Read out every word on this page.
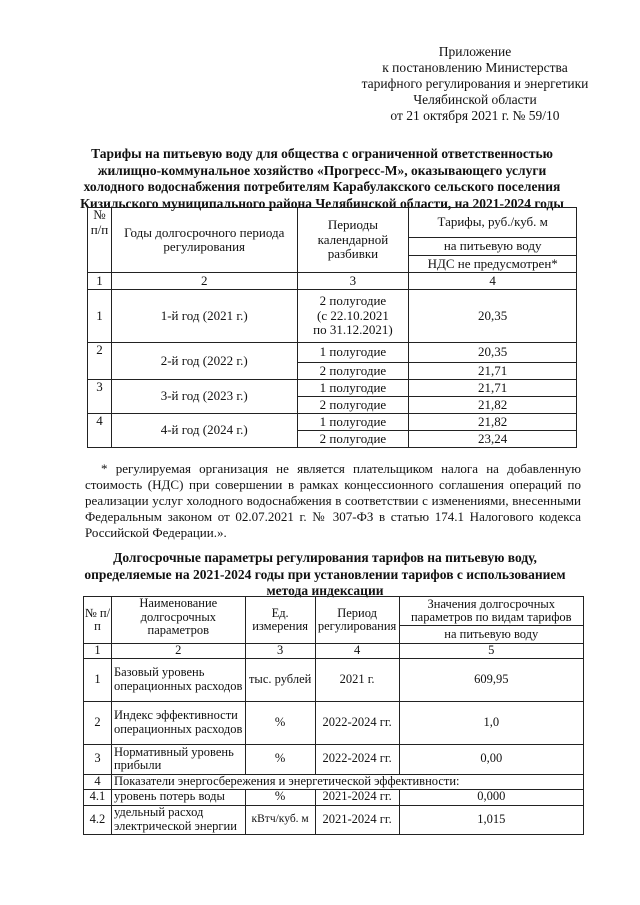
Приложение
к постановлению Министерства
тарифного регулирования и энергетики
Челябинской области
от 21 октября 2021 г. № 59/10
Тарифы на питьевую воду для общества с ограниченной ответственностью
жилищно-коммунальное хозяйство «Прогресс-М», оказывающего услуги
холодного водоснабжения потребителям Карабулакского сельского поселения
Кизильского муниципального района Челябинской области, на 2021-2024 годы
№ п/п	Годы долгосрочного периода регулирования	Периоды календарной разбивки	Тарифы, руб./куб. м
			на питьевую воду
			НДС не предусмотрен*
1	2	3	4
1	1-й год (2021 г.)	2 полугодие
(с 22.10.2021
по 31.12.2021)	20,35
2	2-й год (2022 г.)	1 полугодие	20,35
		2 полугодие	21,71
3	3-й год (2023 г.)	1 полугодие	21,71
		2 полугодие	21,82
4	4-й год (2024 г.)	1 полугодие	21,82
		2 полугодие	23,24
* регулируемая организация не является плательщиком налога на добавленную стоимость (НДС) при совершении в рамках концессионного соглашения операций по реализации услуг холодного водоснабжения в соответствии с изменениями, внесенными Федеральным законом от 02.07.2021 г. № 307-ФЗ в статью 174.1 Налогового кодекса Российской Федерации.».
Долгосрочные параметры регулирования тарифов на питьевую воду,
определяемые на 2021-2024 годы при установлении тарифов с использованием
метода индексации
№ п/п	Наименование долгосрочных параметров	Ед. измерения	Период регулирования	Значения долгосрочных параметров по видам тарифов
				на питьевую воду
1	2	3	4	5
1	Базовый уровень операционных расходов	тыс. рублей	2021 г.	609,95
2	Индекс эффективности операционных расходов	%	2022-2024 гг.	1,0
3	Нормативный уровень прибыли	%	2022-2024 гг.	0,00
4	Показатели энергосбережения и энергетической эффективности:			
4.1	уровень потерь воды	%	2021-2024 гг.	0,000
4.2	удельный расход электрической энергии	кВтч/куб. м	2021-2024 гг.	1,015
